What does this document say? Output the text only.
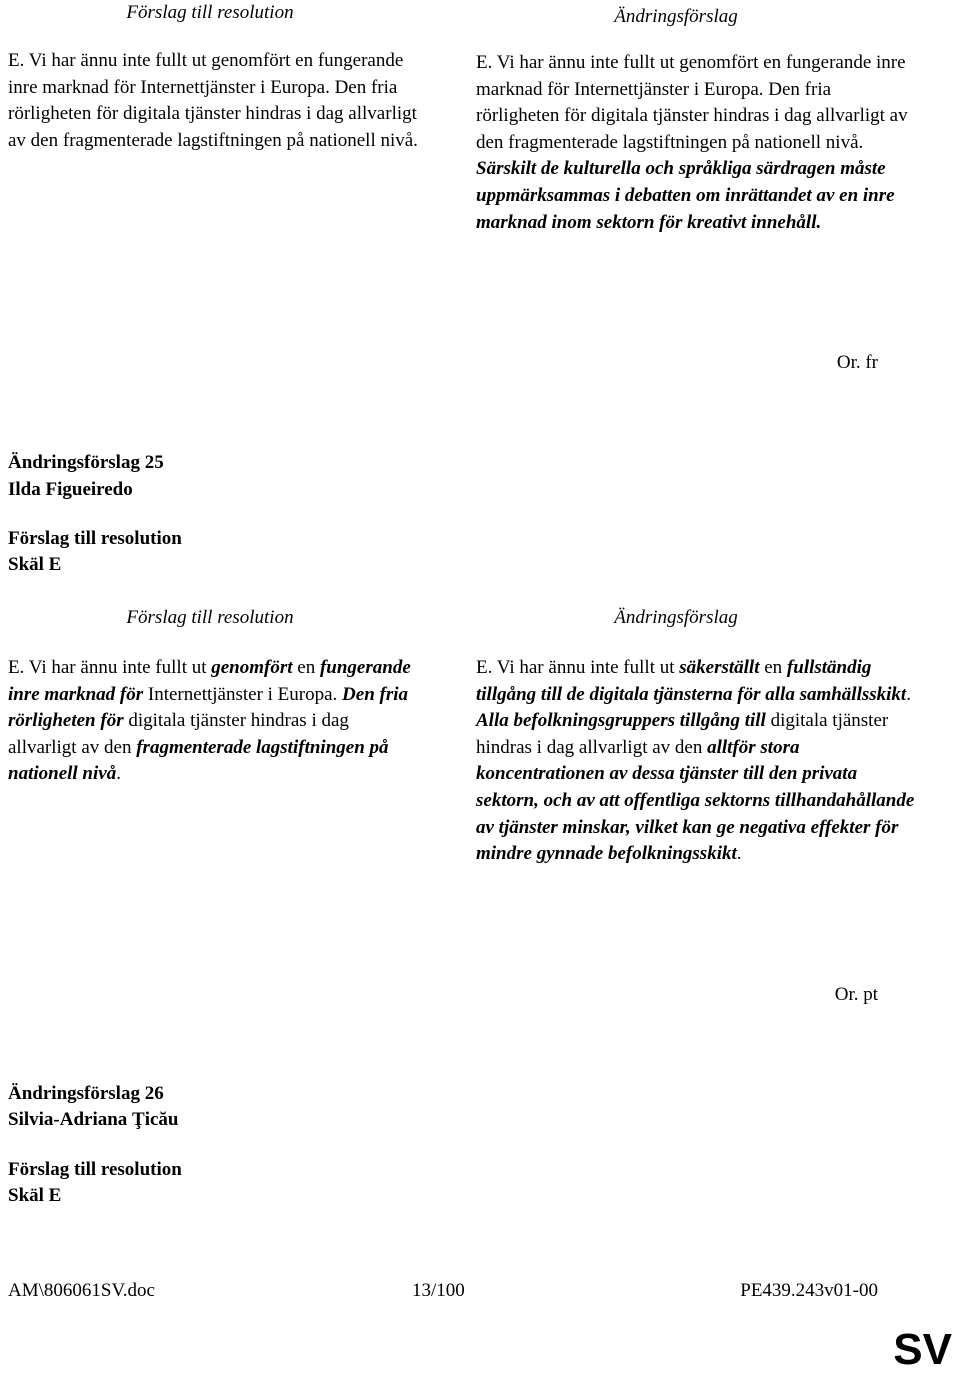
Förslag till resolution	Ändringsförslag

E. Vi har ännu inte fullt ut genomfört en fungerande inre marknad för Internettjänster i Europa. Den fria rörligheten för digitala tjänster hindras i dag allvarligt av den fragmenterade lagstiftningen på nationell nivå.

E. Vi har ännu inte fullt ut genomfört en fungerande inre marknad för Internettjänster i Europa. Den fria rörligheten för digitala tjänster hindras i dag allvarligt av den fragmenterade lagstiftningen på nationell nivå. Särskilt de kulturella och språkliga särdragen måste uppmärksammas i debatten om inrättandet av en inre marknad inom sektorn för kreativt innehåll.

Or. fr
Ändringsförslag 25
Ilda Figueiredo
Förslag till resolution
Skäl E
Förslag till resolution	Ändringsförslag

E. Vi har ännu inte fullt ut genomfört en fungerande inre marknad för Internettjänster i Europa. Den fria rörligheten för digitala tjänster hindras i dag allvarligt av den fragmenterade lagstiftningen på nationell nivå.

E. Vi har ännu inte fullt ut säkerställt en fullständig tillgång till de digitala tjänsterna för alla samhällsskikt. Alla befolkningsgruppers tillgång till digitala tjänster hindras i dag allvarligt av den alltför stora koncentrationen av dessa tjänster till den privata sektorn, och av att offentliga sektorns tillhandahållande av tjänster minskar, vilket kan ge negativa effekter för mindre gynnade befolkningsskikt.

Or. pt
Ändringsförslag 26
Silvia-Adriana Ţicău
Förslag till resolution
Skäl E
AM\806061SV.doc	13/100	PE439.243v01-00
SV
